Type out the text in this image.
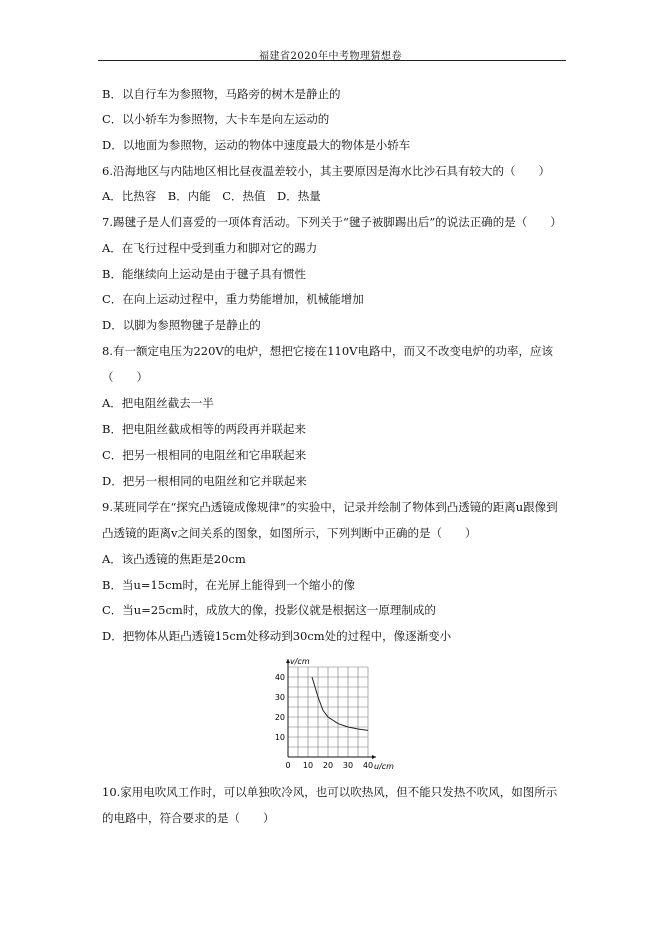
福建省2020年中考物理猜想卷
B．以自行车为参照物，马路旁的树木是静止的
C．以小轿车为参照物，大卡车是向左运动的
D．以地面为参照物，运动的物体中速度最大的物体是小轿车
6.沿海地区与内陆地区相比昼夜温差较小，其主要原因是海水比沙石具有较大的（　　）
A．比热容　B．内能　C．热值　D．热量
7.踢毽子是人们喜爱的一项体育活动。下列关于“毽子被脚踢出后”的说法正确的是（　　）
A．在飞行过程中受到重力和脚对它的踢力
B．能继续向上运动是由于毽子具有惯性
C．在向上运动过程中，重力势能增加，机械能增加
D．以脚为参照物毽子是静止的
8.有一额定电压为220V的电炉，想把它接在110V电路中，而又不改变电炉的功率，应该
（　　）
A．把电阻丝截去一半
B．把电阻丝截成相等的两段再并联起来
C．把另一根相同的电阻丝和它串联起来
D．把另一根相同的电阻丝和它并联起来
9.某班同学在“探究凸透镜成像规律”的实验中，记录并绘制了物体到凸透镜的距离u跟像到
凸透镜的距离v之间关系的图象，如图所示，下列判断中正确的是（　　）
A．该凸透镜的焦距是20cm
B．当u=15cm时，在光屏上能得到一个缩小的像
C．当u=25cm时，成放大的像，投影仪就是根据这一原理制成的
D．把物体从距凸透镜15cm处移动到30cm处的过程中，像逐渐变小
10.家用电吹风工作时，可以单独吹冷风，也可以吹热风，但不能只发热不吹风，如图所示
的电路中，符合要求的是（　　）
0 10 20 30 40
10
20
30
40
v/cm
u/cm
